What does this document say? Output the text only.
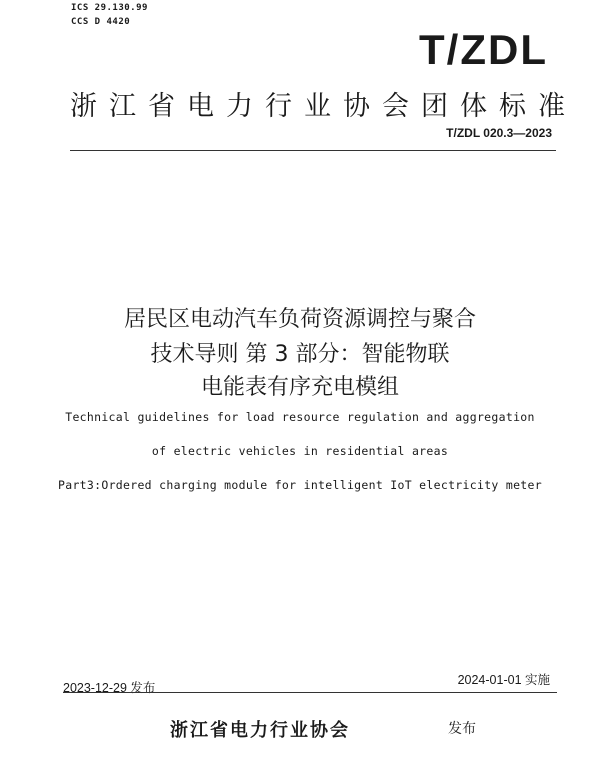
ICS 29.130.99
CCS D 4420
T/ZDL
浙江省电力行业协会团体标准
T/ZDL 020.3—2023
居民区电动汽车负荷资源调控与聚合
技术导则 第 3 部分：智能物联
电能表有序充电模组
Technical guidelines for load resource regulation and aggregation
of electric vehicles in residential areas
Part3:Ordered charging module for intelligent IoT electricity meter
2023-12-29 发布
2024-01-01 实施
浙江省电力行业协会	发布
